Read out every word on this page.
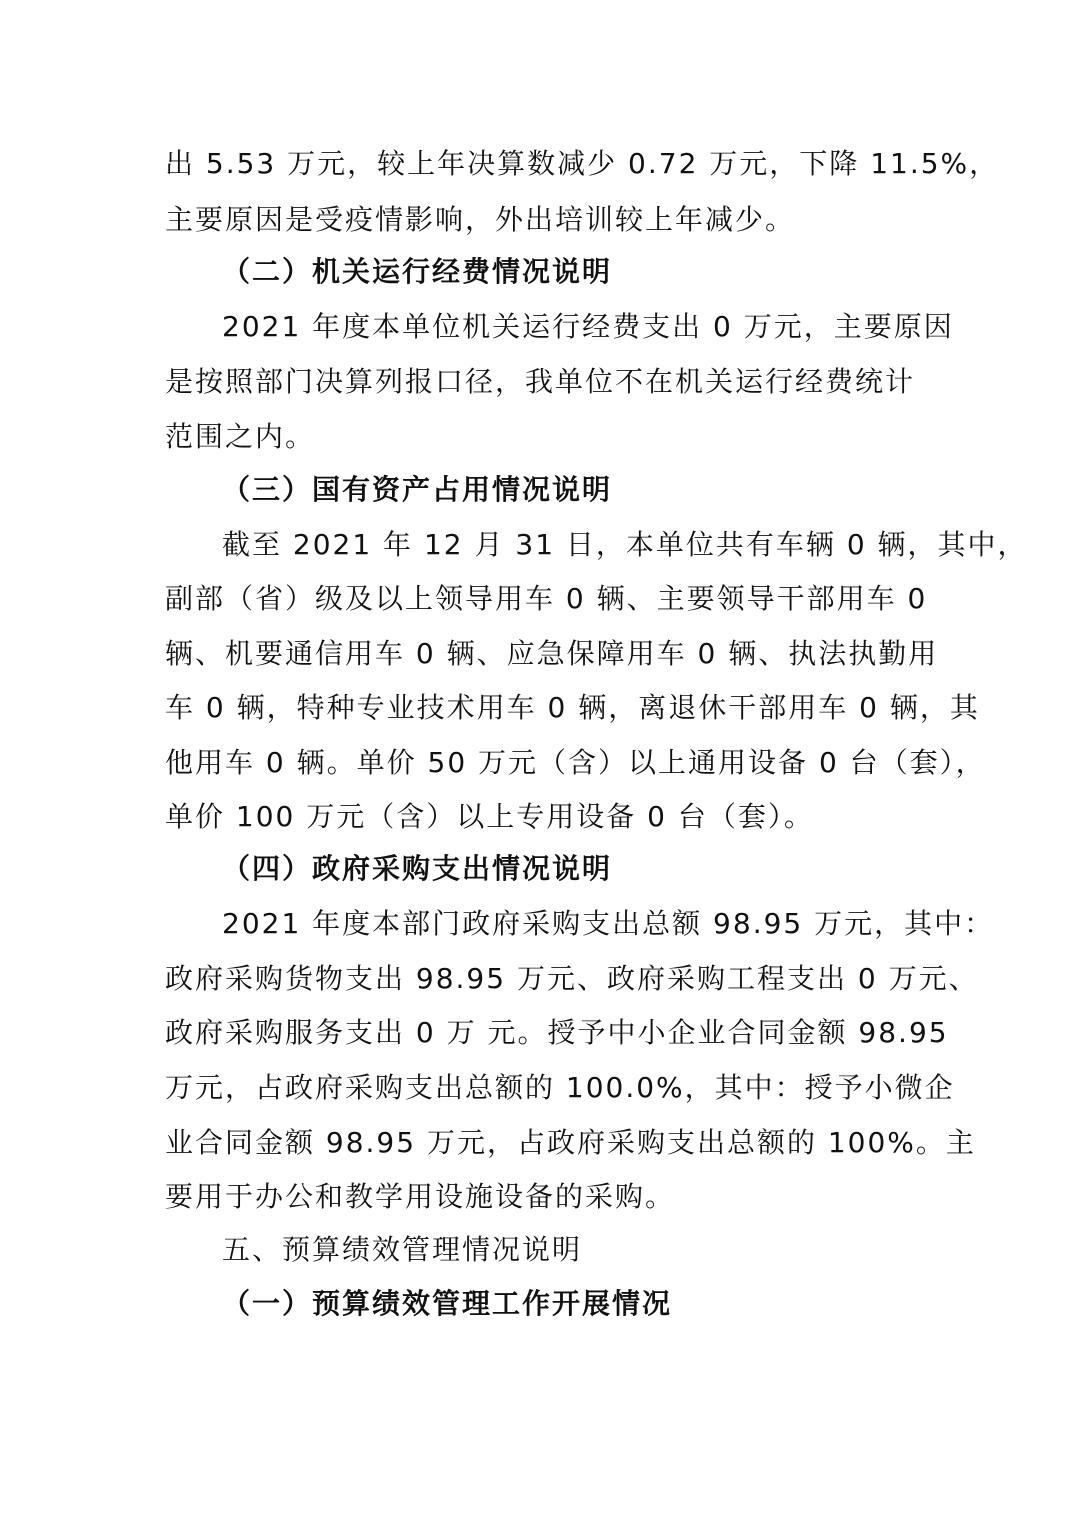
出 5.53 万元，较上年决算数减少 0.72 万元，下降 11.5%，
主要原因是受疫情影响，外出培训较上年减少。
（二）机关运行经费情况说明
2021 年度本单位机关运行经费支出 0 万元，主要原因
是按照部门决算列报口径，我单位不在机关运行经费统计
范围之内。
（三）国有资产占用情况说明
截至 2021 年 12 月 31 日，本单位共有车辆 0 辆，其中，
副部（省）级及以上领导用车 0 辆、主要领导干部用车 0
辆、机要通信用车 0 辆、应急保障用车 0 辆、执法执勤用
车 0 辆，特种专业技术用车 0 辆，离退休干部用车 0 辆，其
他用车 0 辆。单价 50 万元（含）以上通用设备 0 台（套），
单价 100 万元（含）以上专用设备 0 台（套）。
（四）政府采购支出情况说明
2021 年度本部门政府采购支出总额 98.95 万元，其中：
政府采购货物支出 98.95 万元、政府采购工程支出 0 万元、
政府采购服务支出 0 万 元。授予中小企业合同金额 98.95
万元，占政府采购支出总额的 100.0%，其中：授予小微企
业合同金额 98.95 万元，占政府采购支出总额的 100%。主
要用于办公和教学用设施设备的采购。
五、预算绩效管理情况说明
（一）预算绩效管理工作开展情况
